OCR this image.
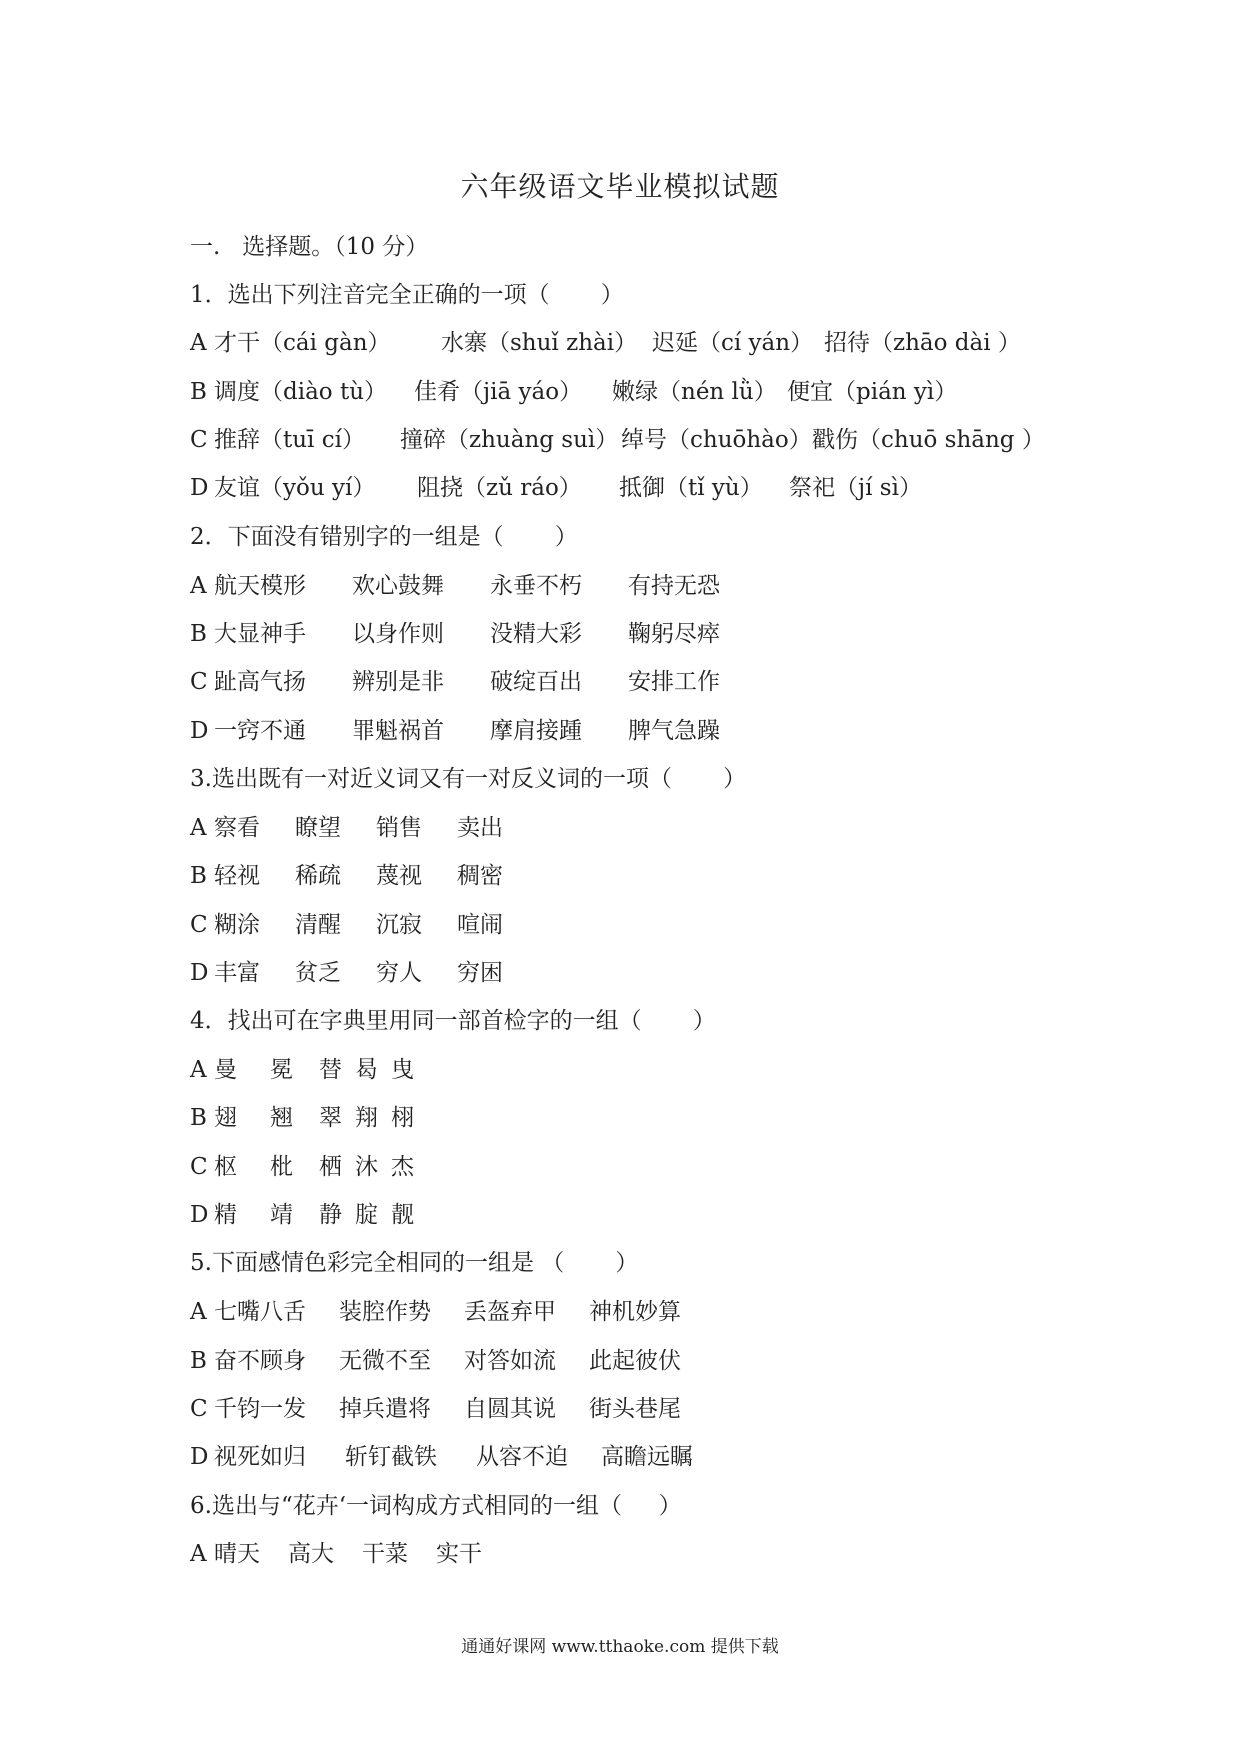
六年级语文毕业模拟试题
一.   选择题。（10 分）
1．选出下列注音完全正确的一项（       ）
A 才干（cái gàn）	水寨（shuǐ zhài） 迟延（cí yán） 招待（zhāo dài ）
B 调度（diào tù）	佳肴（jiā yáo）	嫩绿（nén lǜ） 便宜（pián yì）
C 推辞（tuī cí）	撞碎（zhuàng suì） 绰号（chuōhào） 戳伤（chuō shāng ）
D 友谊（yǒu yí）	阻挠（zǔ ráo）	抵御（tǐ yù）	祭祀（jí sì）
2．下面没有错别字的一组是（       ）
A 航天模形	欢心鼓舞	永垂不朽	有持无恐
B 大显神手	以身作则	没精大彩	鞠躬尽瘁
C 趾高气扬	辨别是非	破绽百出	安排工作
D 一窍不通	罪魁祸首	摩肩接踵	脾气急躁
3.选出既有一对近义词又有一对反义词的一项（       ）
A 察看	瞭望	销售	卖出
B 轻视	稀疏	蔑视	稠密
C 糊涂	清醒	沉寂	喧闹
D 丰富	贫乏	穷人	穷困
4．找出可在字典里用同一部首检字的一组（       ）
A 曼	冕	替 曷 曳
B 翅	翘	翠 翔 栩
C 枢	枇	栖 沐 杰
D 精	靖	静 腚 靓
5.下面感情色彩完全相同的一组是 （       ）
A 七嘴八舌	装腔作势	丢盔弃甲	神机妙算
B 奋不顾身	无微不至	对答如流	此起彼伏
C 千钧一发	掉兵遣将	自圆其说	街头巷尾
D 视死如归	斩钉截铁	从容不迫	高瞻远瞩
6.选出与“花卉‘一词构成方式相同的一组（     ）
A 晴天	高大	干菜	实干
通通好课网 www.tthaoke.com 提供下载
